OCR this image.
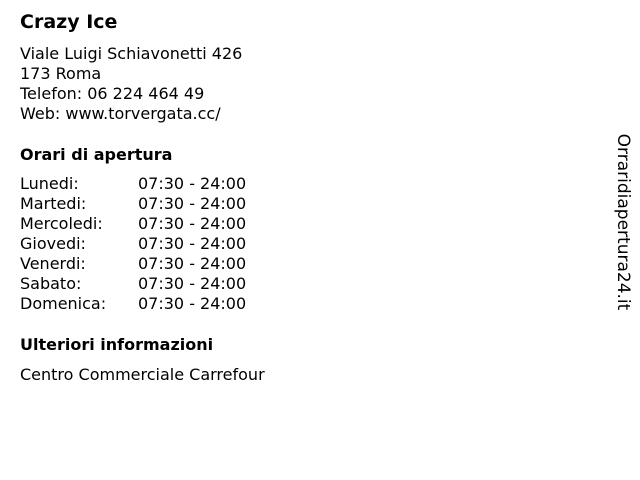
Crazy Ice
Viale Luigi Schiavonetti 426
173 Roma
Telefon: 06 224 464 49
Web: www.torvergata.cc/
Orari di apertura
Lunedi:	07:30 - 24:00
Martedi:	07:30 - 24:00
Mercoledi:	07:30 - 24:00
Giovedi:	07:30 - 24:00
Venerdi:	07:30 - 24:00
Sabato:	07:30 - 24:00
Domenica:	07:30 - 24:00
Ulteriori informazioni
Centro Commerciale Carrefour
Orraridiapertura24.it
